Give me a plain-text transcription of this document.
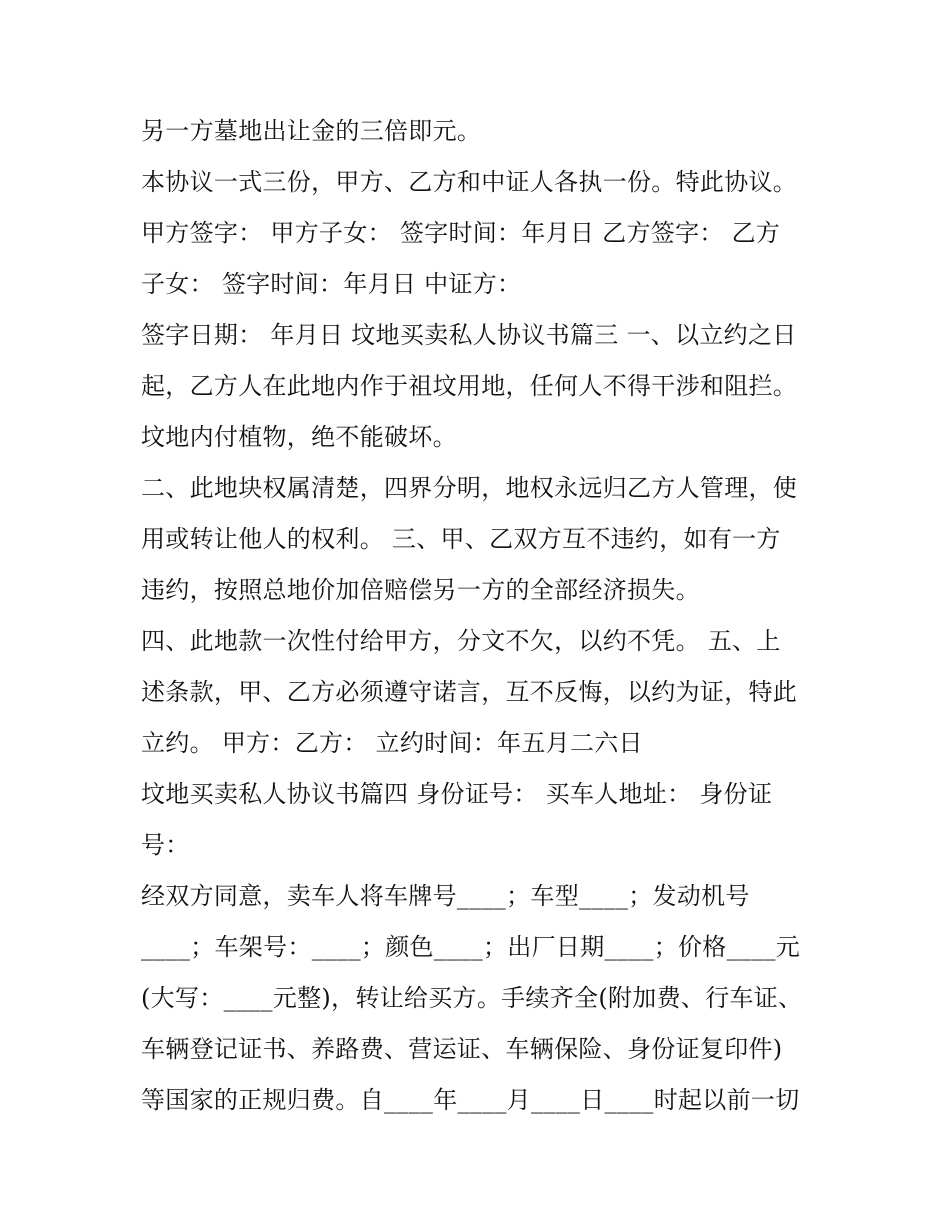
另一方墓地出让金的三倍即元。
本协议一式三份，甲方、乙方和中证人各执一份。特此协议。
甲方签字： 甲方子女： 签字时间：年月日 乙方签字： 乙方
子女： 签字时间：年月日 中证方：
签字日期： 年月日 坟地买卖私人协议书篇三 一、以立约之日
起，乙方人在此地内作于祖坟用地，任何人不得干涉和阻拦。
坟地内付植物，绝不能破坏。
二、此地块权属清楚，四界分明，地权永远归乙方人管理，使
用或转让他人的权利。 三、甲、乙双方互不违约，如有一方
违约，按照总地价加倍赔偿另一方的全部经济损失。
四、此地款一次性付给甲方，分文不欠，以约不凭。 五、上
述条款，甲、乙方必须遵守诺言，互不反悔，以约为证，特此
立约。 甲方：乙方： 立约时间：年五月二六日
坟地买卖私人协议书篇四 身份证号： 买车人地址： 身份证
号：
经双方同意，卖车人将车牌号____；车型____；发动机号
____；车架号：____；颜色____；出厂日期____；价格____元
(大写：____元整)，转让给买方。手续齐全(附加费、行车证、
车辆登记证书、养路费、营运证、车辆保险、身份证复印件)
等国家的正规归费。自____年____月____日____时起以前一切
